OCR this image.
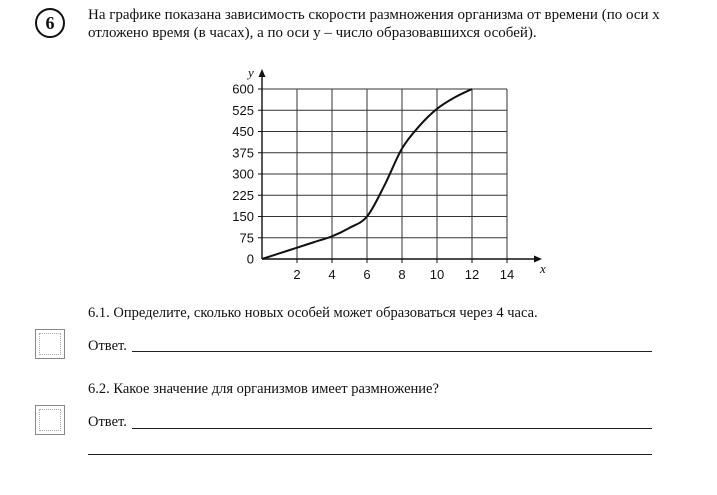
6	На графике показана зависимость скорости размножения организма от времени (по оси x
отложено время (в часах), а по оси y – число образовавшихся особей).
0
75
150
225
300
375
450
525
600
2 4 6 8 10 12 14 x
y
6.1. Определите, сколько новых особей может образоваться через 4 часа.
Ответ.
6.2. Какое значение для организмов имеет размножение?
Ответ.
